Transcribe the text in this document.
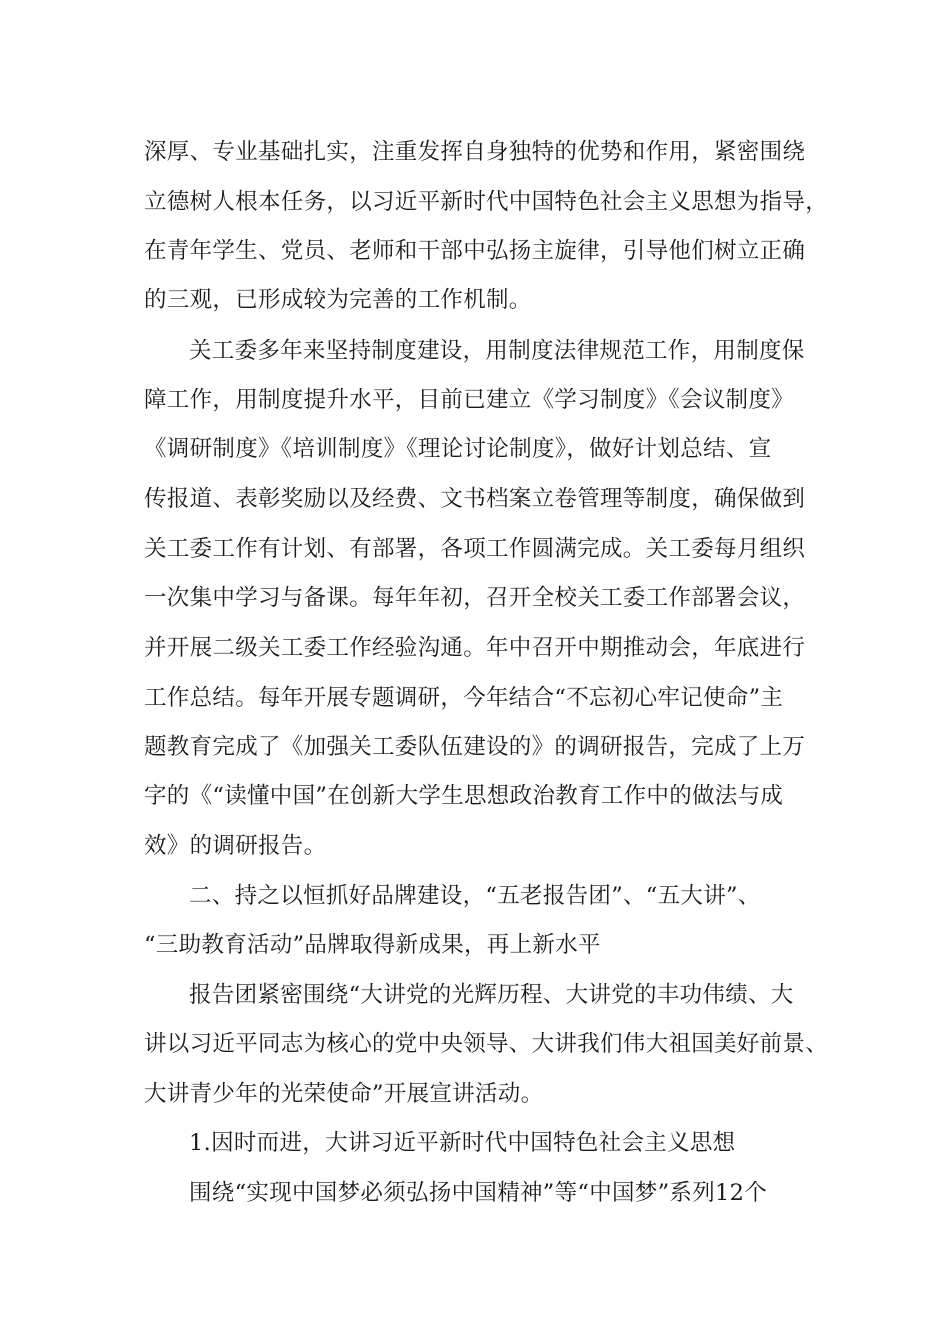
深厚、专业基础扎实，注重发挥自身独特的优势和作用，紧密围绕
立德树人根本任务，以习近平新时代中国特色社会主义思想为指导，
在青年学生、党员、老师和干部中弘扬主旋律，引导他们树立正确
的三观，已形成较为完善的工作机制。
关工委多年来坚持制度建设，用制度法律规范工作，用制度保
障工作，用制度提升水平，目前已建立《学习制度》《会议制度》
《调研制度》《培训制度》《理论讨论制度》，做好计划总结、宣
传报道、表彰奖励以及经费、文书档案立卷管理等制度，确保做到
关工委工作有计划、有部署，各项工作圆满完成。关工委每月组织
一次集中学习与备课。每年年初，召开全校关工委工作部署会议，
并开展二级关工委工作经验沟通。年中召开中期推动会，年底进行
工作总结。每年开展专题调研，今年结合“不忘初心牢记使命”主
题教育完成了《加强关工委队伍建设的》的调研报告，完成了上万
字的《“读懂中国”在创新大学生思想政治教育工作中的做法与成
效》的调研报告。
二、持之以恒抓好品牌建设，“五老报告团”、“五大讲”、
“三助教育活动”品牌取得新成果，再上新水平
报告团紧密围绕“大讲党的光辉历程、大讲党的丰功伟绩、大
讲以习近平同志为核心的党中央领导、大讲我们伟大祖国美好前景、
大讲青少年的光荣使命”开展宣讲活动。
1.因时而进，大讲习近平新时代中国特色社会主义思想
围绕“实现中国梦必须弘扬中国精神”等“中国梦”系列12个
